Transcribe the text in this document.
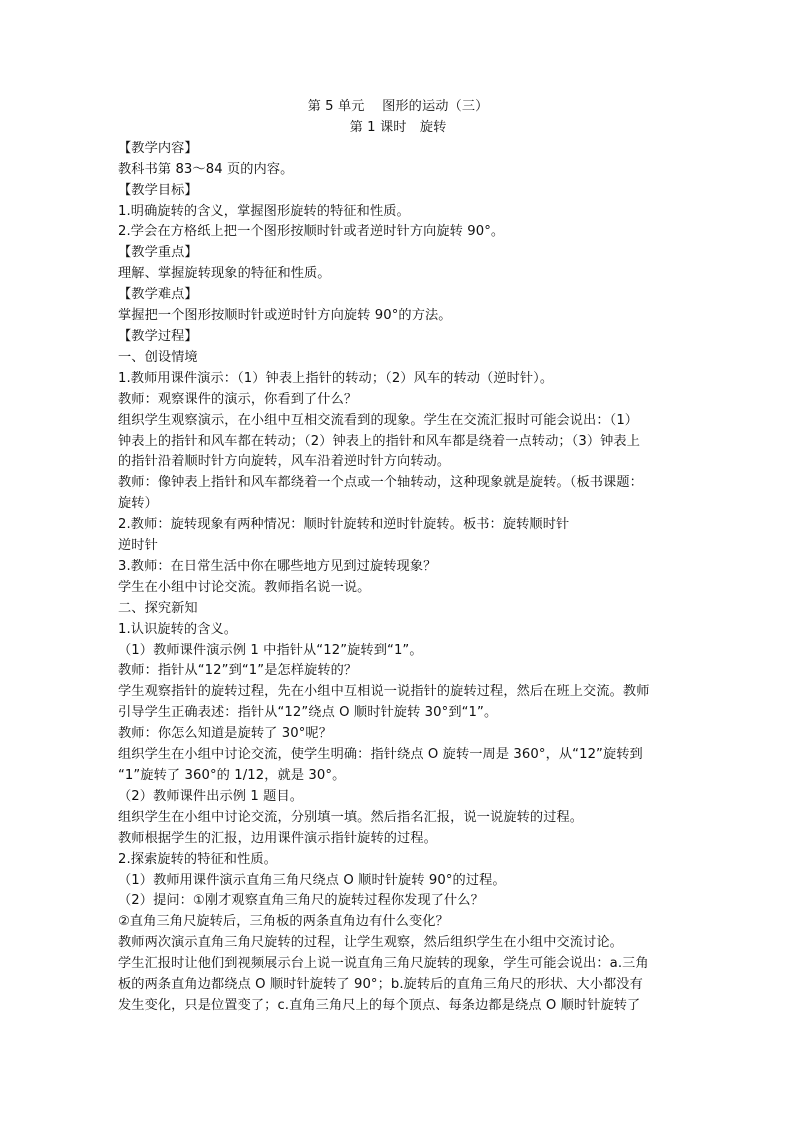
第 5 单元　 图形的运动（三）

第 1 课时　旋转

【教学内容】

教科书第 83～84 页的内容。

【教学目标】

1.明确旋转的含义，掌握图形旋转的特征和性质。

2.学会在方格纸上把一个图形按顺时针或者逆时针方向旋转 90°。

【教学重点】

理解、掌握旋转现象的特征和性质。

【教学难点】

掌握把一个图形按顺时针或逆时针方向旋转 90°的方法。

【教学过程】

一、创设情境

1.教师用课件演示：（1）钟表上指针的转动；（2）风车的转动（逆时针）。

教师：观察课件的演示，你看到了什么？

组织学生观察演示，在小组中互相交流看到的现象。学生在交流汇报时可能会说出：（1）
钟表上的指针和风车都在转动；（2）钟表上的指针和风车都是绕着一点转动；（3）钟表上
的指针沿着顺时针方向旋转，风车沿着逆时针方向转动。

教师：像钟表上指针和风车都绕着一个点或一个轴转动，这种现象就是旋转。（板书课题：
旋转）

2.教师：旋转现象有两种情况：顺时针旋转和逆时针旋转。板书：旋转顺时针

逆时针

3.教师：在日常生活中你在哪些地方见到过旋转现象？

学生在小组中讨论交流。教师指名说一说。

二、探究新知

1.认识旋转的含义。

（1）教师课件演示例 1 中指针从“12”旋转到“1”。

教师：指针从“12”到“1”是怎样旋转的？

学生观察指针的旋转过程，先在小组中互相说一说指针的旋转过程，然后在班上交流。教师
引导学生正确表述：指针从“12”绕点 O 顺时针旋转 30°到“1”。

教师：你怎么知道是旋转了 30°呢？

组织学生在小组中讨论交流，使学生明确：指针绕点 O 旋转一周是 360°，从“12”旋转到
“1”旋转了 360°的 1/12，就是 30°。

（2）教师课件出示例 1 题目。

组织学生在小组中讨论交流，分别填一填。然后指名汇报，说一说旋转的过程。

教师根据学生的汇报，边用课件演示指针旋转的过程。

2.探索旋转的特征和性质。

（1）教师用课件演示直角三角尺绕点 O 顺时针旋转 90°的过程。

（2）提问：①刚才观察直角三角尺的旋转过程你发现了什么？

②直角三角尺旋转后，三角板的两条直角边有什么变化？

教师两次演示直角三角尺旋转的过程，让学生观察，然后组织学生在小组中交流讨论。

学生汇报时让他们到视频展示台上说一说直角三角尺旋转的现象，学生可能会说出：a.三角
板的两条直角边都绕点 O 顺时针旋转了 90°；b.旋转后的直角三角尺的形状、大小都没有
发生变化，只是位置变了；c.直角三角尺上的每个顶点、每条边都是绕点 O 顺时针旋转了
